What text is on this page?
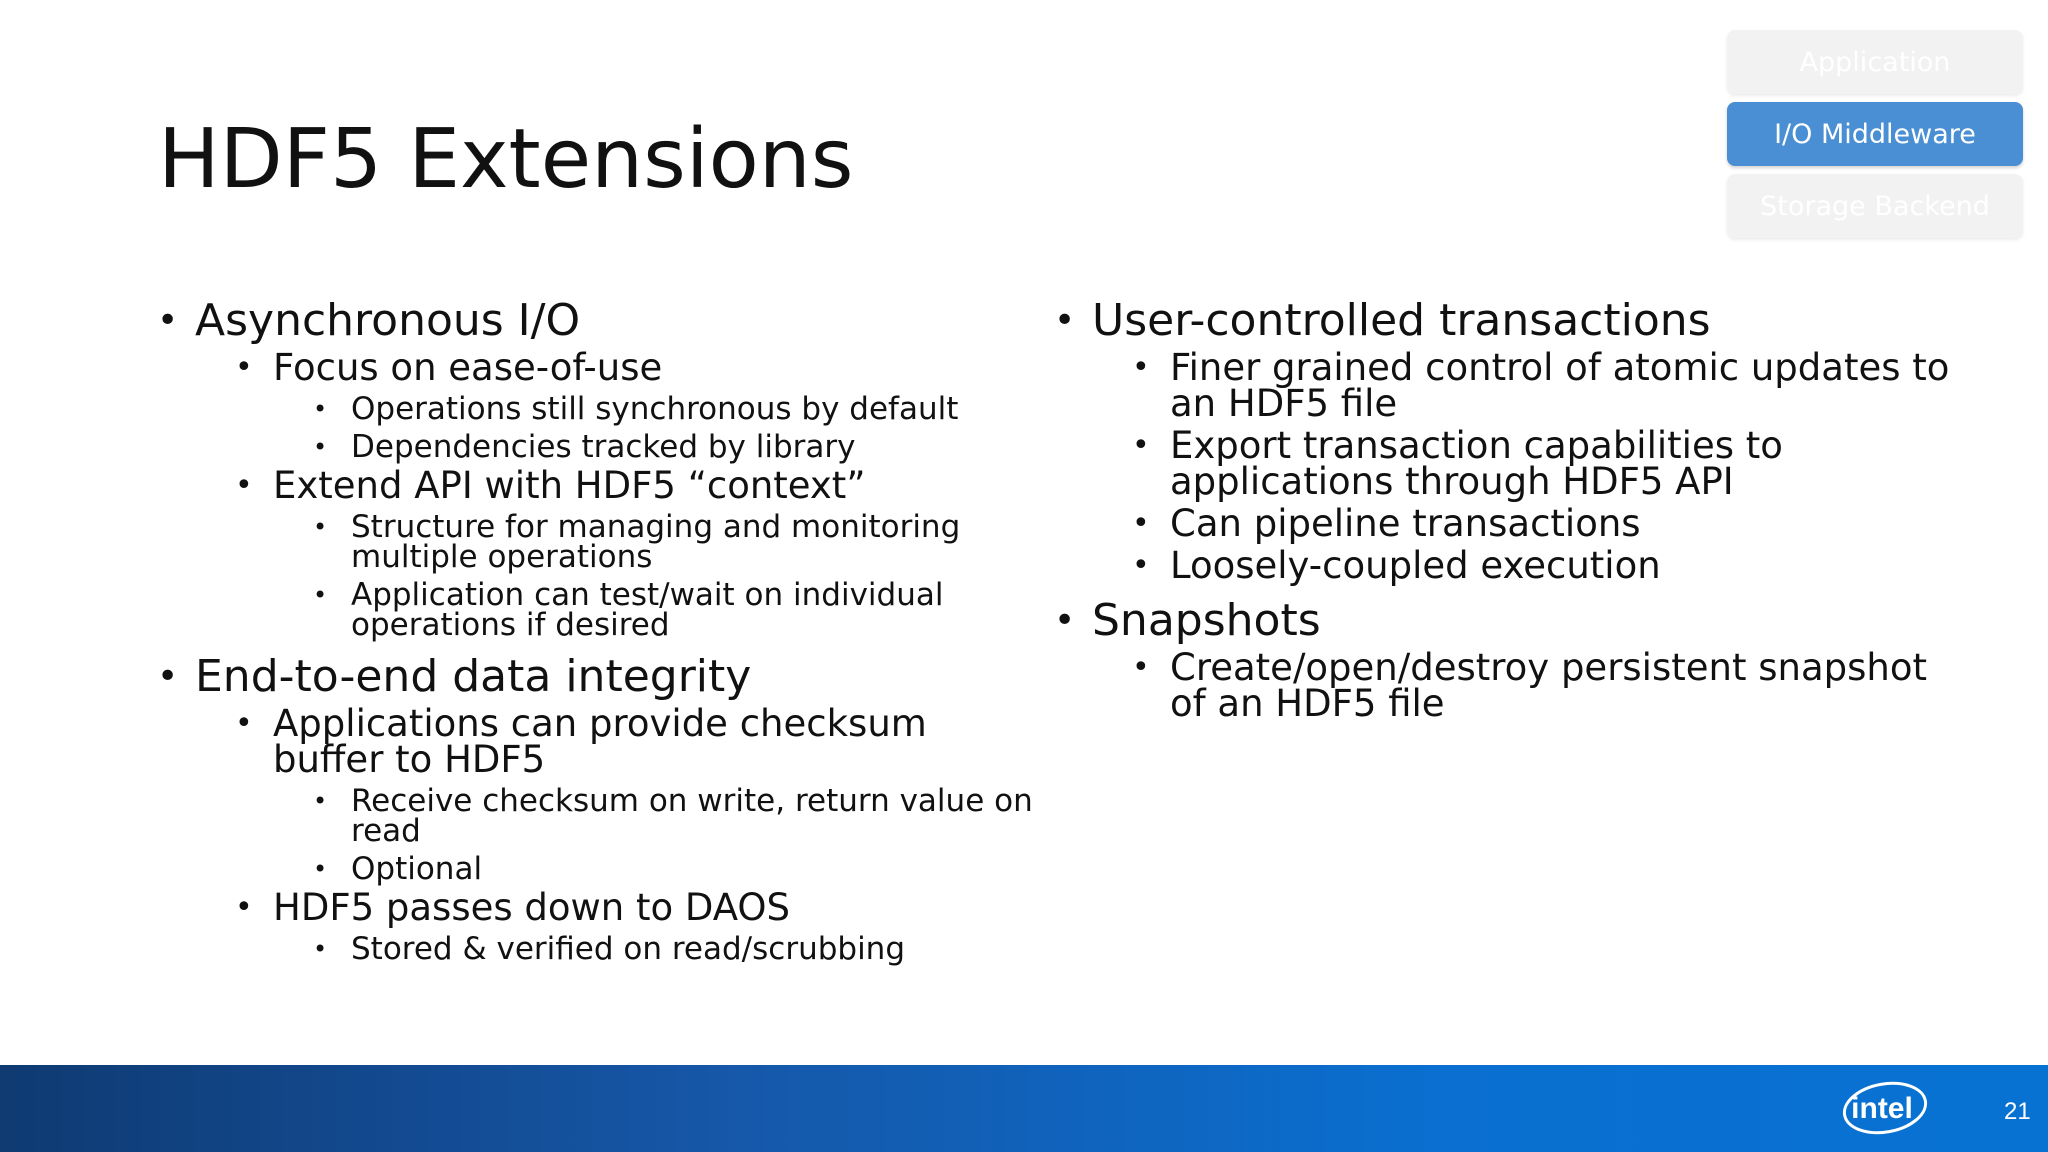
HDF5 Extensions
Application
I/O Middleware
Storage Backend
• Asynchronous I/O
• Focus on ease-of-use
• Operations still synchronous by default
• Dependencies tracked by library
• Extend API with HDF5 “context”
• Structure for managing and monitoring multiple operations
• Application can test/wait on individual operations if desired
• End-to-end data integrity
• Applications can provide checksum buffer to HDF5
• Receive checksum on write, return value on read
• Optional
• HDF5 passes down to DAOS
• Stored & verified on read/scrubbing
• User-controlled transactions
• Finer grained control of atomic updates to an HDF5 file
• Export transaction capabilities to applications through HDF5 API
• Can pipeline transactions
• Loosely-coupled execution
• Snapshots
• Create/open/destroy persistent snapshot of an HDF5 file
intel	21
